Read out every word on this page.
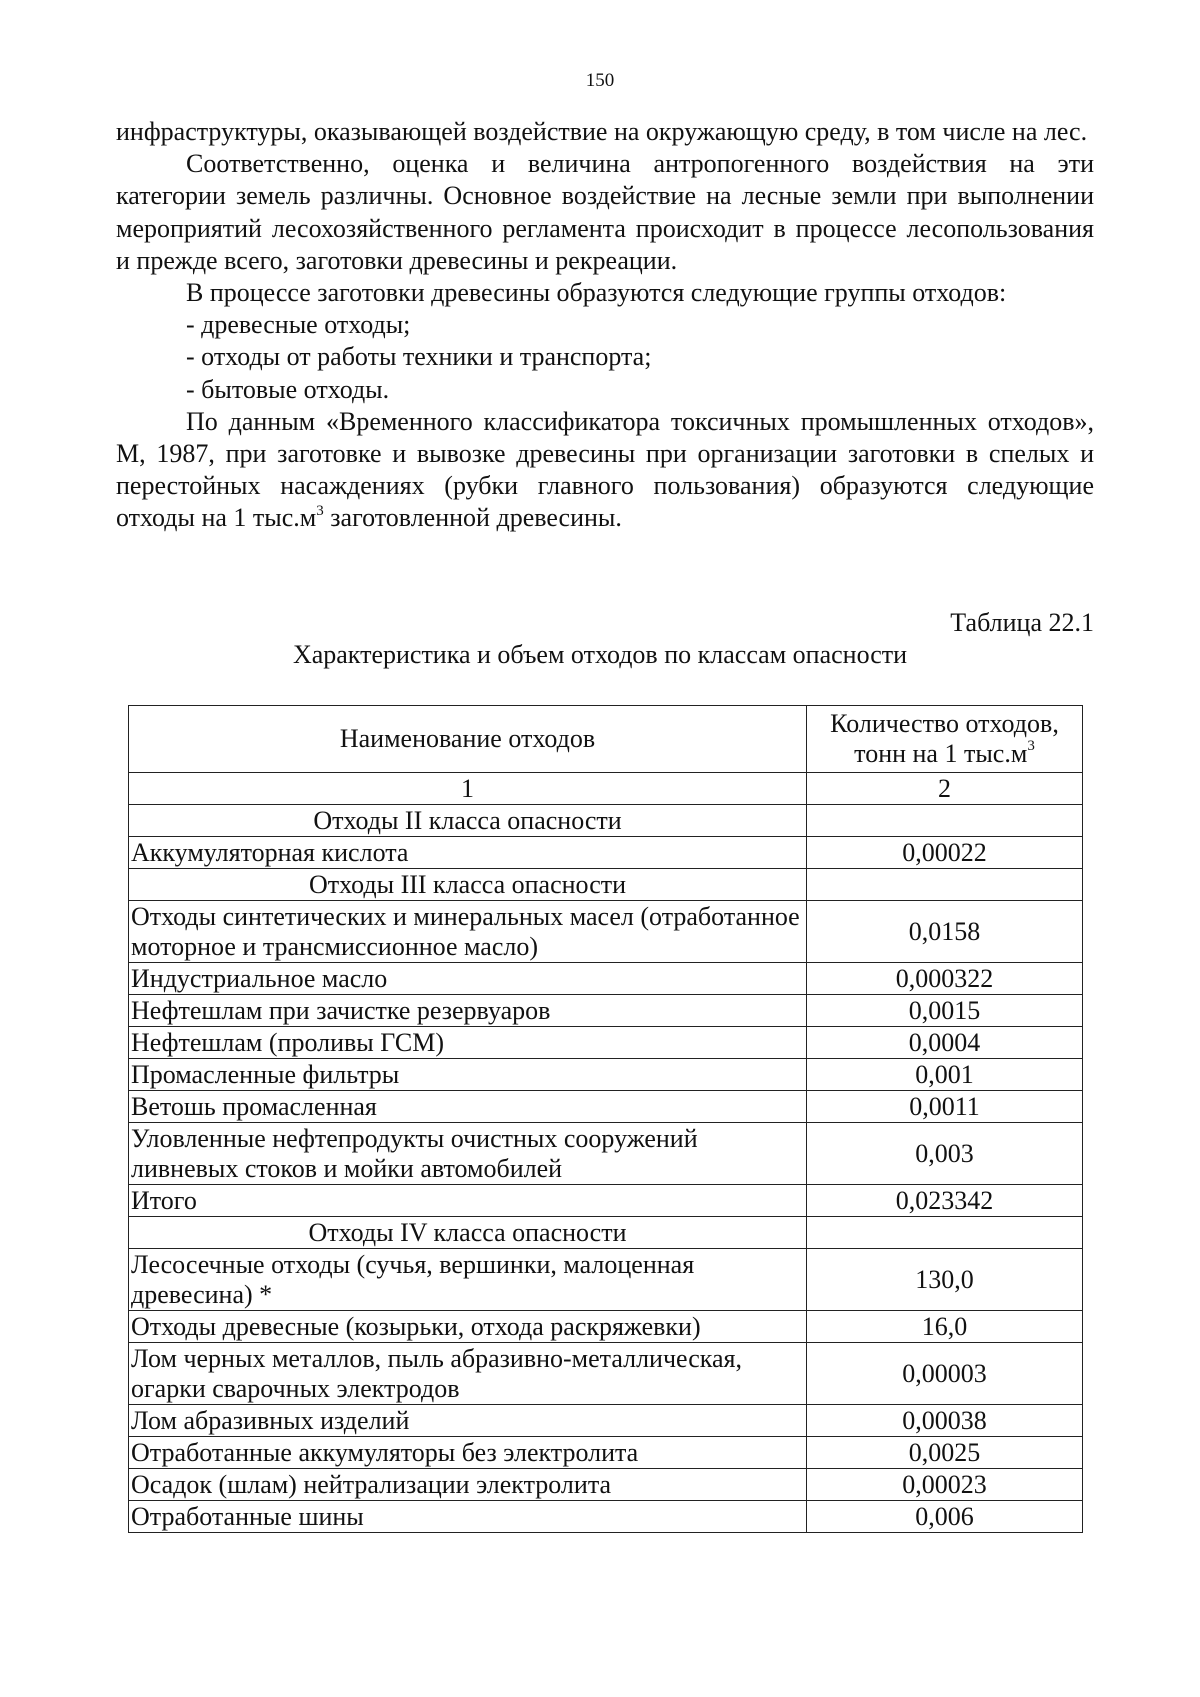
150

инфраструктуры, оказывающей воздействие на окружающую среду, в том числе на лес.

Соответственно, оценка и величина антропогенного воздействия на эти категории земель различны. Основное воздействие на лесные земли при выполнении мероприятий лесохозяйственного регламента происходит в процессе лесопользования и прежде всего, заготовки древесины и рекреации.

В процессе заготовки древесины образуются следующие группы отходов:

- древесные отходы;

- отходы от работы техники и транспорта;

- бытовые отходы.

По данным «Временного классификатора токсичных промышленных отходов», М, 1987, при заготовке и вывозке древесины при организации заготовки в спелых и перестойных насаждениях (рубки главного пользования) образуются следующие отходы на 1 $тыс.м^3$ заготовленной древесины.

Таблица 22.1
Характеристика и объем отходов по классам опасности
Наименование отходов	Количество отходов,
тонн на 1 $тыс.м^3$
1	2
Отходы II класса опасности	
Аккумуляторная кислота	0,00022
Отходы III класса опасности	
Отходы синтетических и минеральных масел (отработанное моторное и трансмиссионное масло)	0,0158
Индустриальное масло	0,000322
Нефтешлам при зачистке резервуаров	0,0015
Нефтешлам (проливы ГСМ)	0,0004
Промасленные фильтры	0,001
Ветошь промасленная	0,0011
Уловленные нефтепродукты очистных сооружений ливневых стоков и мойки автомобилей	0,003
Итого	0,023342
Отходы IV класса опасности	
Лесосечные отходы (сучья, вершинки, малоценная древесина) *	130,0
Отходы древесные (козырьки, отхода раскряжевки)	16,0
Лом черных металлов, пыль абразивно-металлическая, огарки сварочных электродов	0,00003
Лом абразивных изделий	0,00038
Отработанные аккумуляторы без электролита	0,0025
Осадок (шлам) нейтрализации электролита	0,00023
Отработанные шины	0,006
